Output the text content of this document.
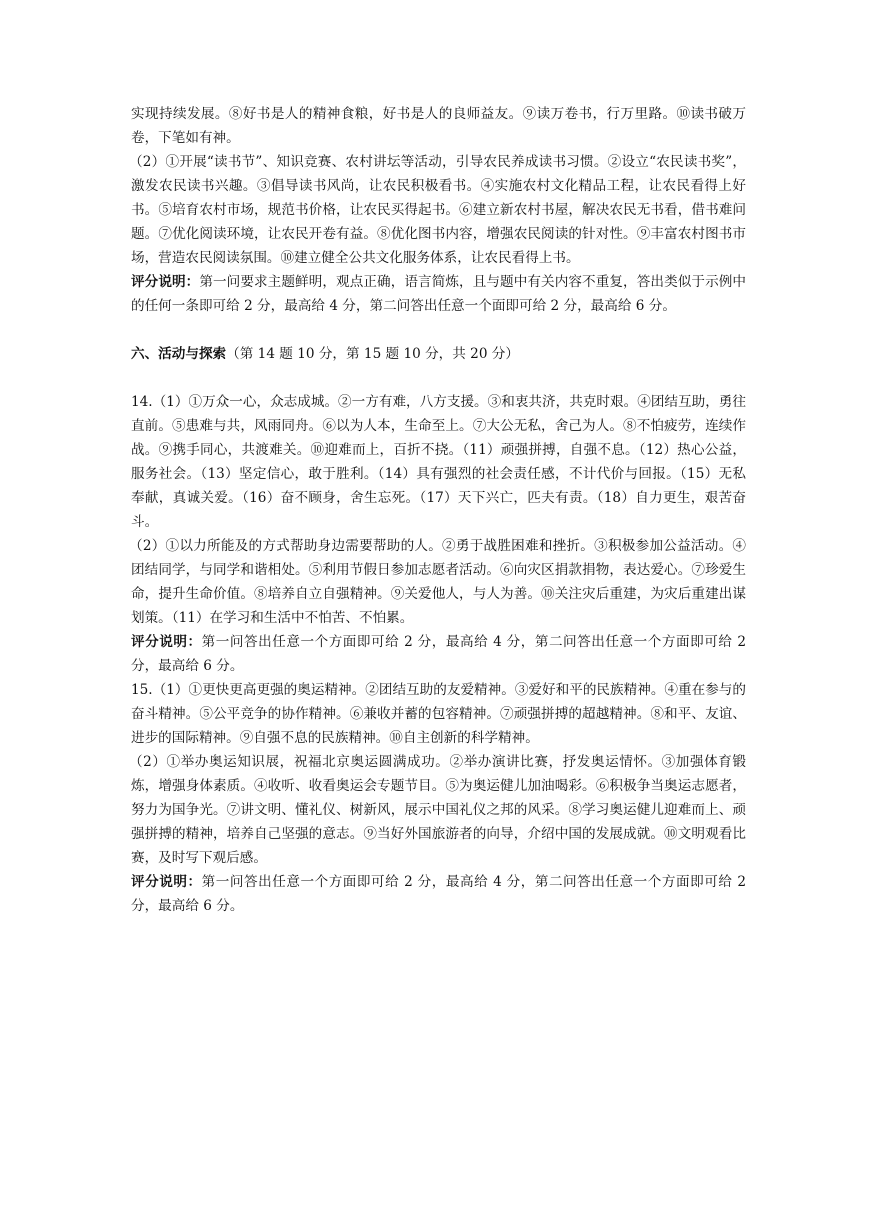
实现持续发展。⑧好书是人的精神食粮，好书是人的良师益友。⑨读万卷书，行万里路。⑩读书破万卷，下笔如有神。

（2）①开展“读书节”、知识竞赛、农村讲坛等活动，引导农民养成读书习惯。②设立“农民读书奖”，激发农民读书兴趣。③倡导读书风尚，让农民积极看书。④实施农村文化精品工程，让农民看得上好书。⑤培育农村市场，规范书价格，让农民买得起书。⑥建立新农村书屋，解决农民无书看，借书难问题。⑦优化阅读环境，让农民开卷有益。⑧优化图书内容，增强农民阅读的针对性。⑨丰富农村图书市场，营造农民阅读氛围。⑩建立健全公共文化服务体系，让农民看得上书。

评分说明：第一问要求主题鲜明，观点正确，语言简炼，且与题中有关内容不重复，答出类似于示例中的任何一条即可给 2 分，最高给 4 分，第二问答出任意一个面即可给 2 分，最高给 6 分。

六、活动与探索（第 14 题 10 分，第 15 题 10 分，共 20 分）

14.（1）①万众一心，众志成城。②一方有难，八方支援。③和衷共济，共克时艰。④团结互助，勇往直前。⑤患难与共，风雨同舟。⑥以为人本，生命至上。⑦大公无私，舍己为人。⑧不怕疲劳，连续作战。⑨携手同心，共渡难关。⑩迎难而上，百折不挠。（11）顽强拼搏，自强不息。（12）热心公益，服务社会。（13）坚定信心，敢于胜利。（14）具有强烈的社会责任感，不计代价与回报。（15）无私奉献，真诚关爱。（16）奋不顾身，舍生忘死。（17）天下兴亡，匹夫有责。（18）自力更生，艰苦奋斗。

（2）①以力所能及的方式帮助身边需要帮助的人。②勇于战胜困难和挫折。③积极参加公益活动。④团结同学，与同学和谐相处。⑤利用节假日参加志愿者活动。⑥向灾区捐款捐物，表达爱心。⑦珍爱生命，提升生命价值。⑧培养自立自强精神。⑨关爱他人，与人为善。⑩关注灾后重建，为灾后重建出谋划策。（11）在学习和生活中不怕苦、不怕累。

评分说明：第一问答出任意一个方面即可给 2 分，最高给 4 分，第二问答出任意一个方面即可给 2 分，最高给 6 分。

15.（1）①更快更高更强的奥运精神。②团结互助的友爱精神。③爱好和平的民族精神。④重在参与的奋斗精神。⑤公平竞争的协作精神。⑥兼收并蓄的包容精神。⑦顽强拼搏的超越精神。⑧和平、友谊、进步的国际精神。⑨自强不息的民族精神。⑩自主创新的科学精神。

（2）①举办奥运知识展，祝福北京奥运圆满成功。②举办演讲比赛，抒发奥运情怀。③加强体育锻炼，增强身体素质。④收听、收看奥运会专题节目。⑤为奥运健儿加油喝彩。⑥积极争当奥运志愿者，努力为国争光。⑦讲文明、懂礼仪、树新风，展示中国礼仪之邦的风采。⑧学习奥运健儿迎难而上、顽强拼搏的精神，培养自己坚强的意志。⑨当好外国旅游者的向导，介绍中国的发展成就。⑩文明观看比赛，及时写下观后感。

评分说明：第一问答出任意一个方面即可给 2 分，最高给 4 分，第二问答出任意一个方面即可给 2 分，最高给 6 分。
